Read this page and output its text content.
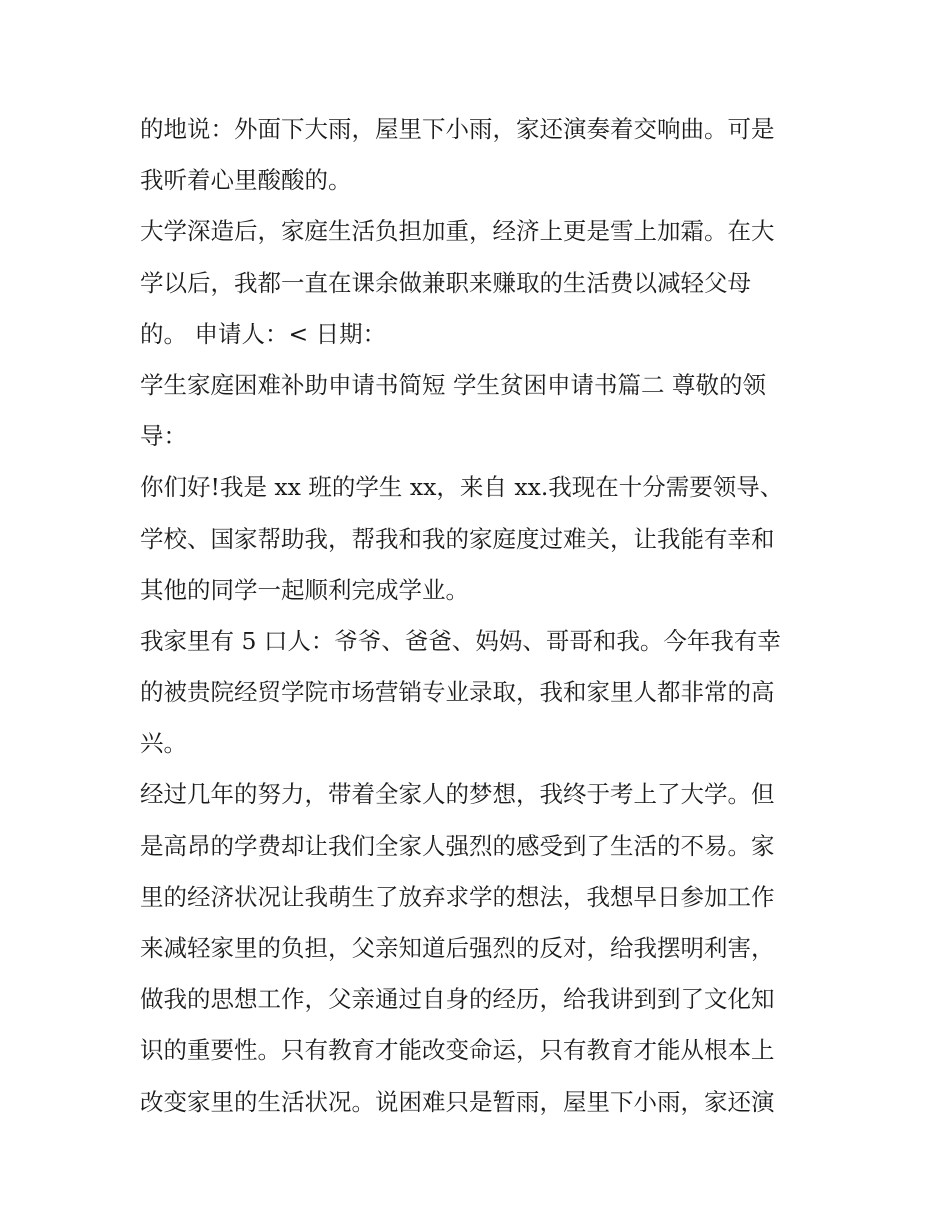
的地说：外面下大雨，屋里下小雨，家还演奏着交响曲。可是
我听着心里酸酸的。
大学深造后，家庭生活负担加重，经济上更是雪上加霜。在大
学以后，我都一直在课余做兼职来赚取的生活费以减轻父母
的。 申请人：< 日期：
学生家庭困难补助申请书简短 学生贫困申请书篇二 尊敬的领
导：
你们好!我是 xx 班的学生 xx，来自 xx.我现在十分需要领导、
学校、国家帮助我，帮我和我的家庭度过难关，让我能有幸和
其他的同学一起顺利完成学业。
我家里有 5 口人：爷爷、爸爸、妈妈、哥哥和我。今年我有幸
的被贵院经贸学院市场营销专业录取，我和家里人都非常的高
兴。
经过几年的努力，带着全家人的梦想，我终于考上了大学。但
是高昂的学费却让我们全家人强烈的感受到了生活的不易。家
里的经济状况让我萌生了放弃求学的想法，我想早日参加工作
来减轻家里的负担，父亲知道后强烈的反对，给我摆明利害，
做我的思想工作，父亲通过自身的经历，给我讲到到了文化知
识的重要性。只有教育才能改变命运，只有教育才能从根本上
改变家里的生活状况。说困难只是暂雨，屋里下小雨，家还演
